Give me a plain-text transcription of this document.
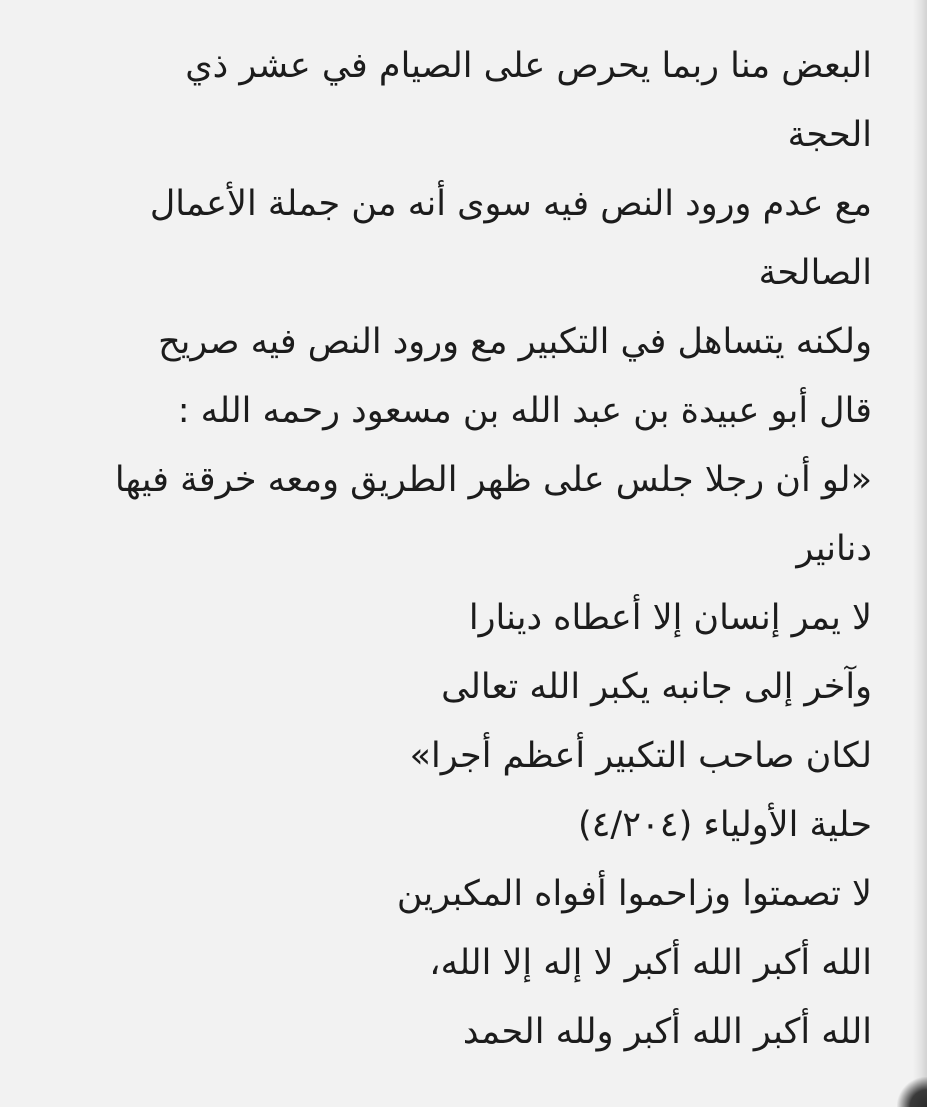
البعض منا ربما يحرص على الصيام في عشر ذي
الحجة
مع عدم ورود النص فيه سوى أنه من جملة الأعمال
الصالحة
ولكنه يتساهل في التكبير مع ورود النص فيه صريح
قال أبو عبيدة بن عبد الله بن مسعود رحمه الله :
«لو أن رجلا جلس على ظهر الطريق ومعه خرقة فيها
دنانير
لا يمر إنسان إلا أعطاه دينارا
وآخر إلى جانبه يكبر الله تعالى
لكان صاحب التكبير أعظم أجرا»
حلية الأولياء (٤/٢٠٤)
لا تصمتوا وزاحموا أفواه المكبرين
الله أكبر الله أكبر لا إله إلا الله،
الله أكبر الله أكبر ولله الحمد
